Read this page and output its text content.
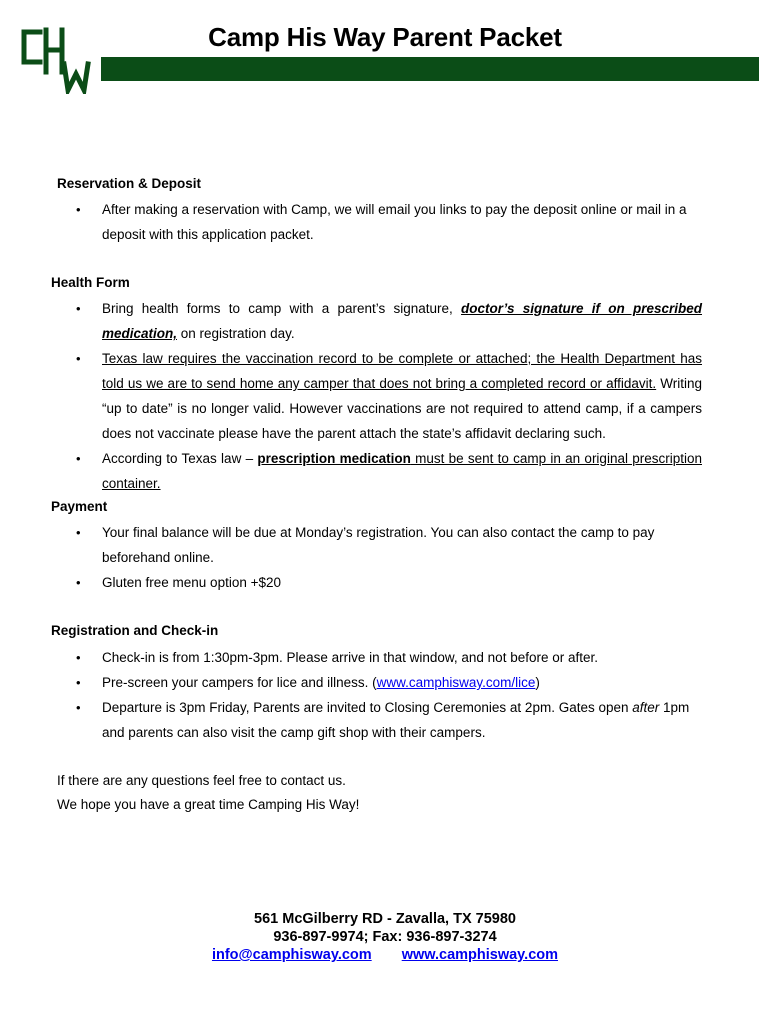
Camp His Way Parent Packet

Reservation & Deposit

• After making a reservation with Camp, we will email you links to pay the deposit online or mail in a deposit with this application packet.

Health Form

• Bring health forms to camp with a parent’s signature, doctor’s signature if on prescribed medication, on registration day.
• Texas law requires the vaccination record to be complete or attached; the Health Department has told us we are to send home any camper that does not bring a completed record or affidavit. Writing “up to date” is no longer valid. However vaccinations are not required to attend camp, if a campers does not vaccinate please have the parent attach the state’s affidavit declaring such.
• According to Texas law – prescription medication must be sent to camp in an original prescription container.

Payment

• Your final balance will be due at Monday’s registration. You can also contact the camp to pay beforehand online.
• Gluten free menu option +$20

Registration and Check-in

• Check-in is from 1:30pm-3pm. Please arrive in that window, and not before or after.
• Pre-screen your campers for lice and illness. (www.camphisway.com/lice)
• Departure is 3pm Friday, Parents are invited to Closing Ceremonies at 2pm. Gates open after 1pm and parents can also visit the camp gift shop with their campers.

If there are any questions feel free to contact us.

We hope you have a great time Camping His Way!

561 McGilberry RD - Zavalla, TX 75980
936-897-9974; Fax: 936-897-3274
info@camphisway.com www.camphisway.com
